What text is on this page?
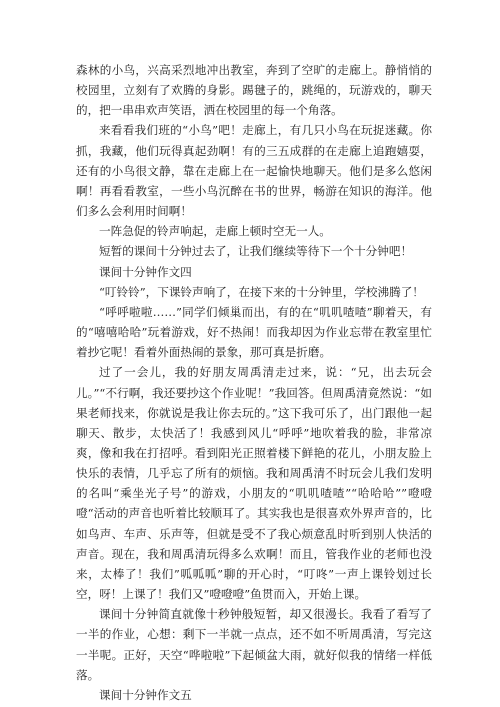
森林的小鸟，兴高采烈地冲出教室，奔到了空旷的走廊上。静悄悄的校园里，立刻有了欢腾的身影。踢毽子的，跳绳的，玩游戏的，聊天的，把一串串欢声笑语，洒在校园里的每一个角落。

来看看我们班的“小鸟”吧！走廊上，有几只小鸟在玩捉迷藏。你抓，我藏，他们玩得真起劲啊！有的三五成群的在走廊上追跑嬉耍，还有的小鸟很文静，靠在走廊上在一起愉快地聊天。他们是多么悠闲啊！再看看教室，一些小鸟沉醉在书的世界，畅游在知识的海洋。他们多么会利用时间啊！

一阵急促的铃声响起，走廊上顿时空无一人。

短暂的课间十分钟过去了，让我们继续等待下一个十分钟吧！

课间十分钟作文四

“叮铃铃”，下课铃声响了，在接下来的十分钟里，学校沸腾了！

“呼呼啦啦……”同学们倾巢而出，有的在“叽叽喳喳”聊着天，有的“嘻嘻哈哈”玩着游戏，好不热闹！而我却因为作业忘带在教室里忙着抄它呢！看着外面热闹的景象，那可真是折磨。

过了一会儿，我的好朋友周禹清走过来，说：“兄，出去玩会儿。”“不行啊，我还要抄这个作业呢！”我回答。但周禹清竟然说：“如果老师找来，你就说是我让你去玩的。”这下我可乐了，出门跟他一起聊天、散步，太快活了！我感到风儿“呼呼”地吹着我的脸，非常凉爽，像和我在打招呼。看到阳光正照着楼下鲜艳的花儿，小朋友脸上快乐的表情，几乎忘了所有的烦恼。我和周禹清不时玩会儿我们发明的名叫“乘坐光子号”的游戏，小朋友的“叽叽喳喳”“哈哈哈””噔噔噔“活动的声音也听着比较顺耳了。其实我也是很喜欢外界声音的，比如鸟声、车声、乐声等，但就是受不了我心烦意乱时听到别人快活的声音。现在，我和周禹清玩得多么欢啊！而且，管我作业的老师也没来，太棒了！我们”呱呱呱”聊的开心时，“叮咚”一声上课铃划过长空，呀！上课了！我们又”噔噔噔”鱼贯而入，开始上课。

课间十分钟简直就像十秒钟般短暂，却又很漫长。我看了看写了一半的作业，心想：剩下一半就一点点，还不如不听周禹清，写完这一半呢。正好，天空“哗啦啦”下起倾盆大雨，就好似我的情绪一样低落。

课间十分钟作文五
